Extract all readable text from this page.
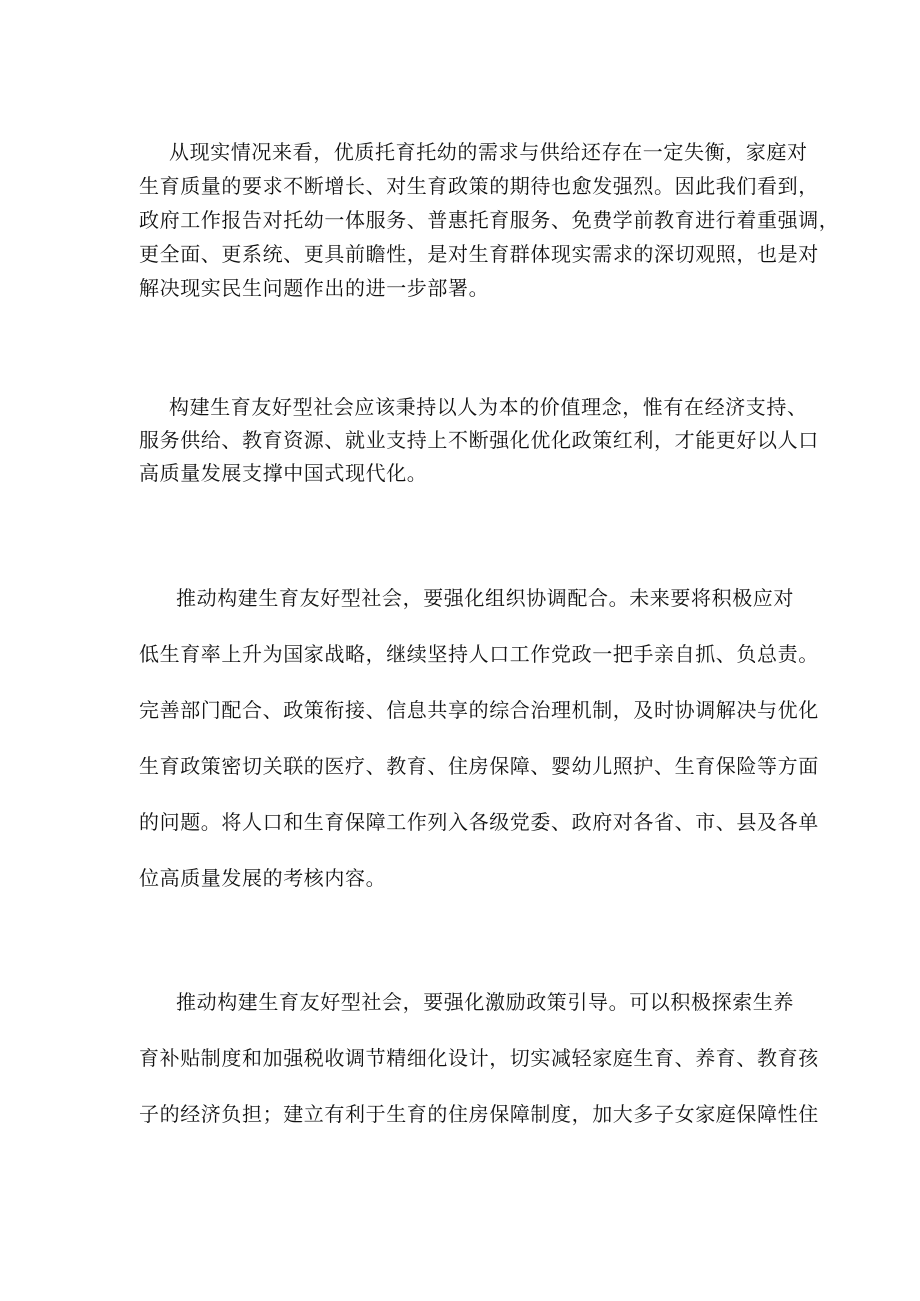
从现实情况来看，优质托育托幼的需求与供给还存在一定失衡，家庭对
生育质量的要求不断增长、对生育政策的期待也愈发强烈。因此我们看到，
政府工作报告对托幼一体服务、普惠托育服务、免费学前教育进行着重强调，
更全面、更系统、更具前瞻性，是对生育群体现实需求的深切观照，也是对
解决现实民生问题作出的进一步部署。
构建生育友好型社会应该秉持以人为本的价值理念，惟有在经济支持、
服务供给、教育资源、就业支持上不断强化优化政策红利，才能更好以人口
高质量发展支撑中国式现代化。
推动构建生育友好型社会，要强化组织协调配合。未来要将积极应对
低生育率上升为国家战略，继续坚持人口工作党政一把手亲自抓、负总责。
完善部门配合、政策衔接、信息共享的综合治理机制，及时协调解决与优化
生育政策密切关联的医疗、教育、住房保障、婴幼儿照护、生育保险等方面
的问题。将人口和生育保障工作列入各级党委、政府对各省、市、县及各单
位高质量发展的考核内容。
推动构建生育友好型社会，要强化激励政策引导。可以积极探索生养
育补贴制度和加强税收调节精细化设计，切实减轻家庭生育、养育、教育孩
子的经济负担；建立有利于生育的住房保障制度，加大多子女家庭保障性住
